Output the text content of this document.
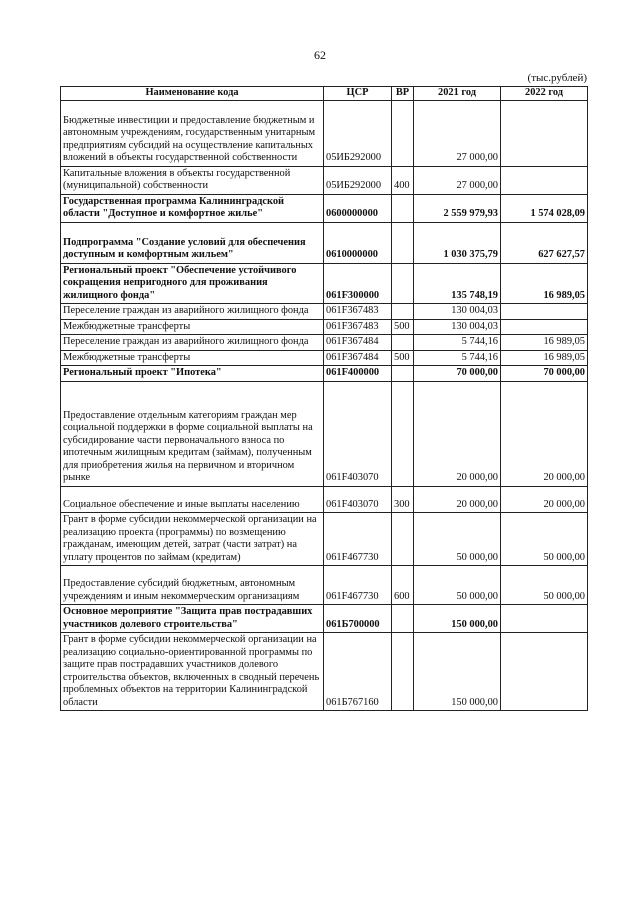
62
(тыс.рублей)
Наименование кода	ЦСР	ВР	2021 год	2022 год
Бюджетные инвестиции и предоставление бюджетным и автономным учреждениям, государственным унитарным предприятиям субсидий на осуществление капитальных вложений в объекты государственной собственности	05ИБ292000		27 000,00	
Капитальные вложения в объекты государственной (муниципальной) собственности	05ИБ292000	400	27 000,00	
Государственная программа Калининградской области "Доступное и комфортное жилье"	0600000000		2 559 979,93	1 574 028,09
Подпрограмма "Создание условий для обеспечения доступным и комфортным жильем"	0610000000		1 030 375,79	627 627,57
Региональный проект "Обеспечение устойчивого сокращения непригодного для проживания жилищного фонда"	061F300000		135 748,19	16 989,05
Переселение граждан из аварийного жилищного фонда	061F367483		130 004,03	
Межбюджетные трансферты	061F367483	500	130 004,03	
Переселение граждан из аварийного жилищного фонда	061F367484		5 744,16	16 989,05
Межбюджетные трансферты	061F367484	500	5 744,16	16 989,05
Региональный проект "Ипотека"	061F400000		70 000,00	70 000,00
Предоставление отдельным категориям граждан мер социальной поддержки в форме социальной выплаты на субсидирование части первоначального взноса по ипотечным жилищным кредитам (займам), полученным для приобретения жилья на первичном и вторичном рынке	061F403070		20 000,00	20 000,00
Социальное обеспечение и иные выплаты населению	061F403070	300	20 000,00	20 000,00
Грант в форме субсидии некоммерческой организации на реализацию проекта (программы) по возмещению гражданам, имеющим детей, затрат (части затрат) на уплату процентов по займам (кредитам)	061F467730		50 000,00	50 000,00
Предоставление субсидий бюджетным, автономным учреждениям и иным некоммерческим организациям	061F467730	600	50 000,00	50 000,00
Основное мероприятие "Защита прав пострадавших участников долевого строительства"	061Б700000		150 000,00	
Грант в форме субсидии некоммерческой организации на реализацию социально-ориентированной программы по защите прав пострадавших участников долевого строительства объектов, включенных в сводный перечень проблемных объектов на территории Калининградской области	061Б767160		150 000,00	
